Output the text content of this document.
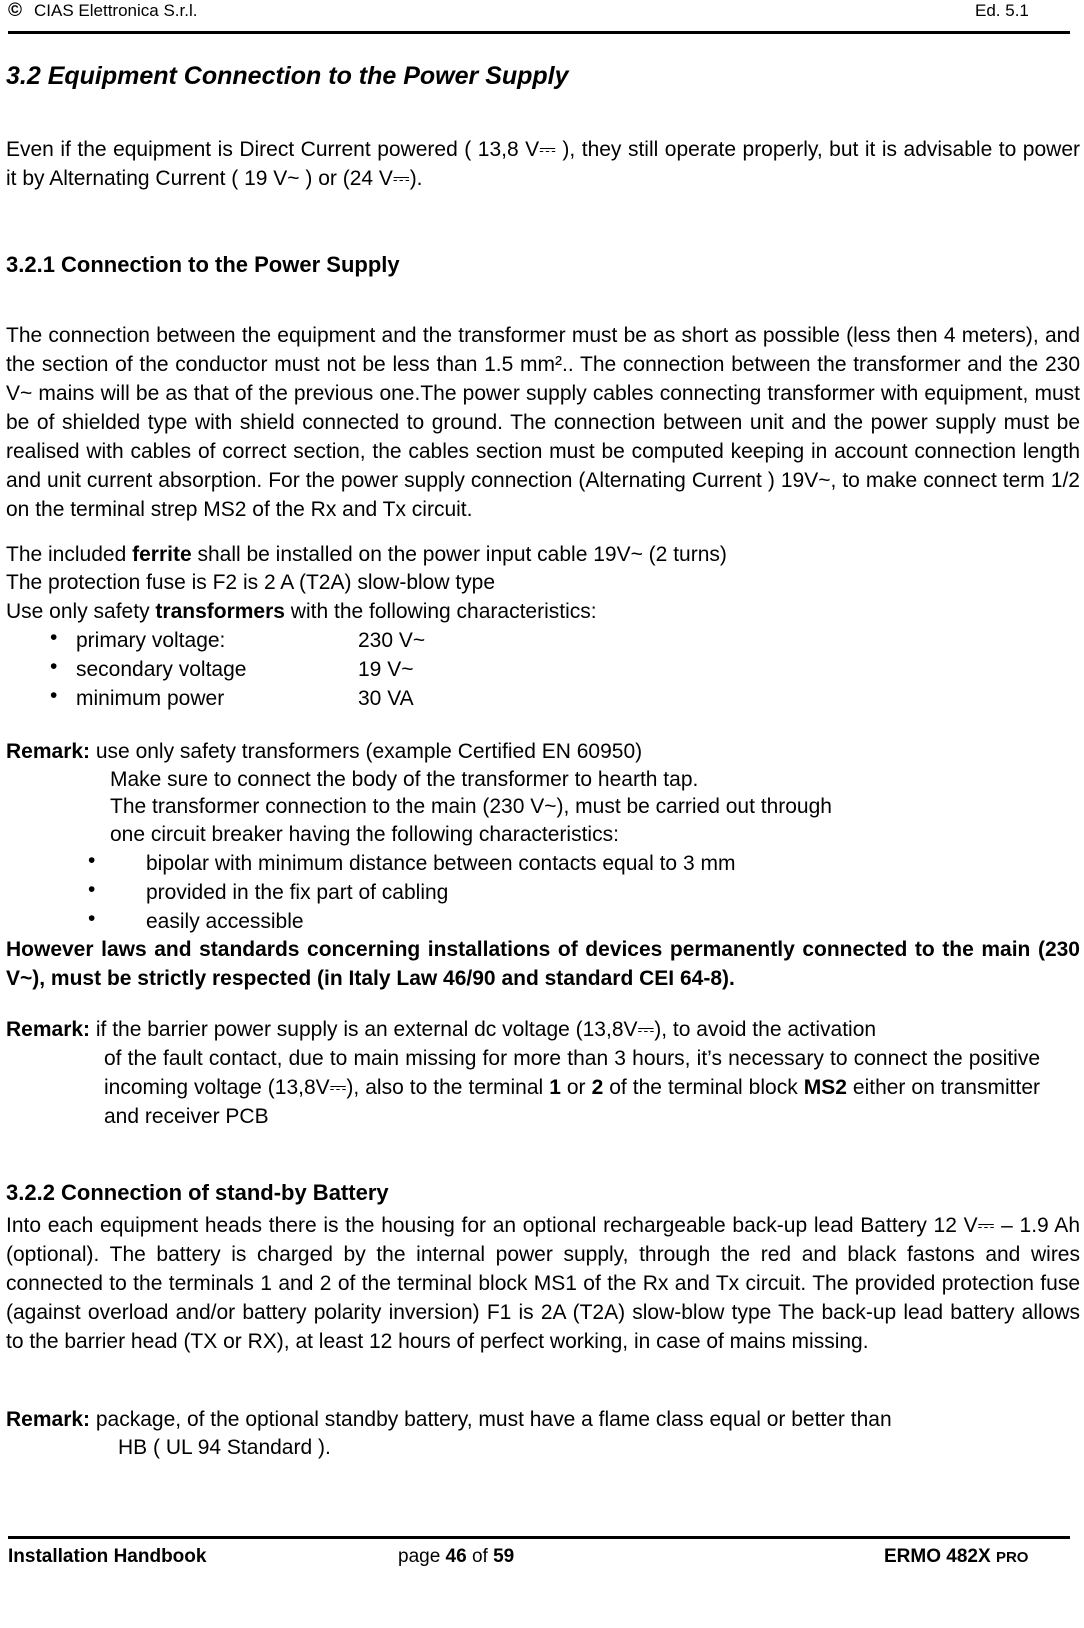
© CIAS Elettronica S.r.l.	Ed. 5.1
3.2 Equipment Connection to the Power Supply
Even if the equipment is Direct Current powered ( 13,8 V⎓ ), they still operate properly, but it is advisable to power it by Alternating Current ( 19 V~ ) or (24 V⎓).
3.2.1 Connection to the Power Supply
The connection between the equipment and the transformer must be as short as possible (less then 4 meters), and the section of the conductor must not be less than 1.5 mm².. The connection between the transformer and the 230 V~ mains will be as that of the previous one.The power supply cables connecting transformer with equipment, must be of shielded type with shield connected to ground. The connection between unit and the power supply must be realised with cables of correct section, the cables section must be computed keeping in account connection length and unit current absorption. For the power supply connection (Alternating Current ) 19V~, to make connect term 1/2 on the terminal strep MS2 of the Rx and Tx circuit.
The included ferrite shall be installed on the power input cable 19V~ (2 turns)
The protection fuse is F2 is 2 A (T2A) slow-blow type
Use only safety transformers with the following characteristics:
• primary voltage:	230 V~
• secondary voltage	19 V~
• minimum power	30 VA
Remark: use only safety transformers (example Certified EN 60950)
Make sure to connect the body of the transformer to hearth tap.
The transformer connection to the main (230 V~), must be carried out through
one circuit breaker having the following characteristics:
• bipolar with minimum distance between contacts equal to 3 mm
• provided in the fix part of cabling
• easily accessible
However laws and standards concerning installations of devices permanently connected to the main (230 V~), must be strictly respected (in Italy Law 46/90 and standard CEI 64-8).
Remark: if the barrier power supply is an external dc voltage (13,8V⎓), to avoid the activation
of the fault contact, due to main missing for more than 3 hours, it’s necessary to connect the positive incoming voltage (13,8V⎓), also to the terminal 1 or 2 of the terminal block MS2 either on transmitter and receiver PCB
3.2.2 Connection of stand-by Battery
Into each equipment heads there is the housing for an optional rechargeable back-up lead Battery 12 V⎓ – 1.9 Ah (optional). The battery is charged by the internal power supply, through the red and black fastons and wires connected to the terminals 1 and 2 of the terminal block MS1 of the Rx and Tx circuit. The provided protection fuse (against overload and/or battery polarity inversion) F1 is 2A (T2A) slow-blow type The back-up lead battery allows to the barrier head (TX or RX), at least 12 hours of perfect working, in case of mains missing.
Remark: package, of the optional standby battery, must have a flame class equal or better than
HB ( UL 94 Standard ).
Installation Handbook	page 46 of 59	ERMO 482X PRO
